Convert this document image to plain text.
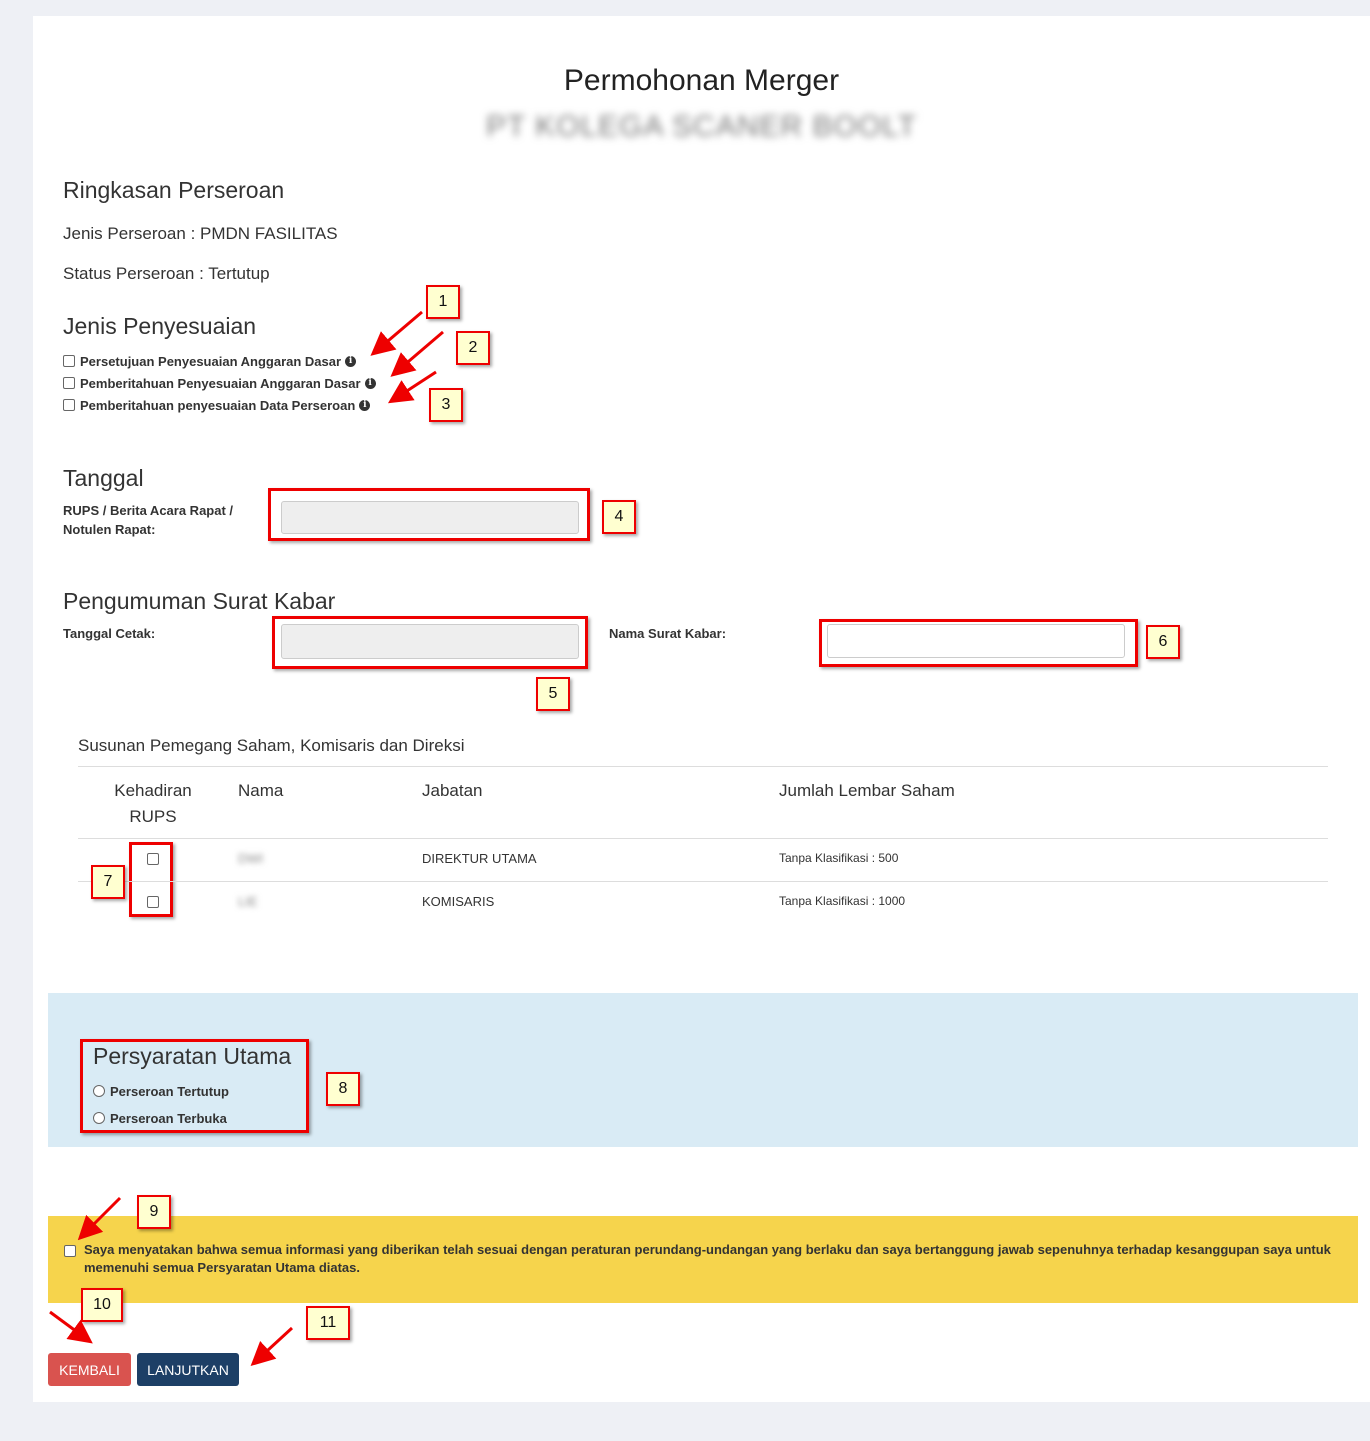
Permohonan Merger
PT KOLEGA SCANER BOOLT
Ringkasan Perseroan
Jenis Perseroan : PMDN FASILITAS
Status Perseroan : Tertutup
Jenis Penyesuaian
Persetujuan Penyesuaian Anggaran Dasar i
Pemberitahuan Penyesuaian Anggaran Dasar i
Pemberitahuan penyesuaian Data Perseroan i
Tanggal
RUPS / Berita Acara Rapat / Notulen Rapat:
Pengumuman Surat Kabar
Tanggal Cetak:	Nama Surat Kabar:
Susunan Pemegang Saham, Komisaris dan Direksi
Kehadiran RUPS
Nama	Jabatan	Jumlah Lembar Saham
DWI	DIREKTUR UTAMA	Tanpa Klasifikasi : 500
LIE	KOMISARIS	Tanpa Klasifikasi : 1000
Persyaratan Utama
Perseroan Tertutup
Perseroan Terbuka
Saya menyatakan bahwa semua informasi yang diberikan telah sesuai dengan peraturan perundang-undangan yang berlaku dan saya bertanggung jawab sepenuhnya terhadap kesanggupan saya untuk memenuhi semua Persyaratan Utama diatas.
KEMBALI	LANJUTKAN
1
2
3
4
5
6
7
8
9
10
11
